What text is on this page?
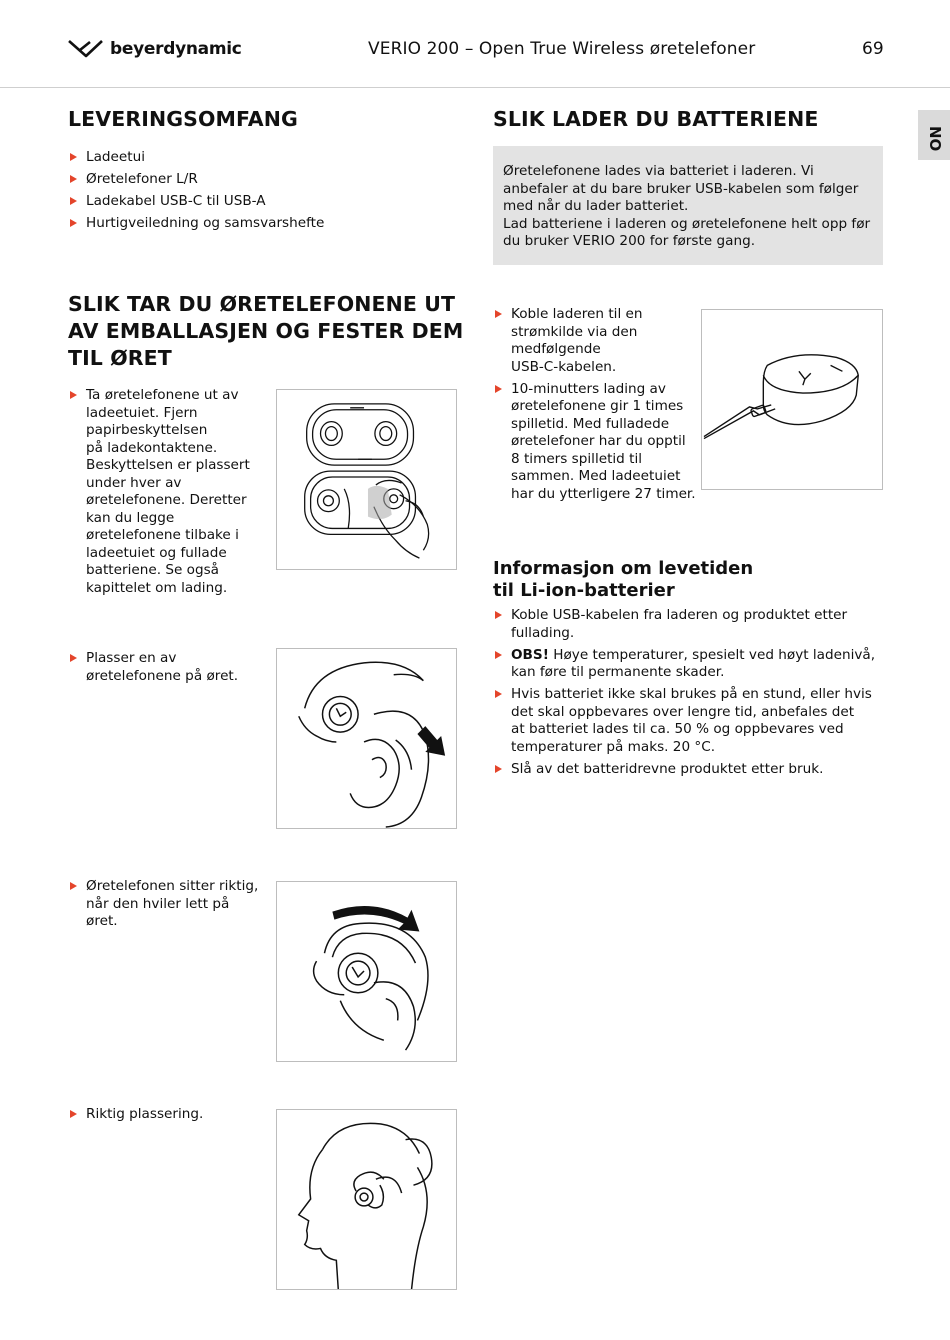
beyerdynamic	VERIO 200 – Open True Wireless øretelefoner	69
NO
LEVERINGSOMFANG
Ladeetui
Øretelefoner L/R
Ladekabel USB-C til USB-A
Hurtigveiledning og samsvarshefte
SLIK TAR DU ØRETELEFONENE UT
AV EMBALLASJEN OG FESTER DEM
TIL ØRET
Ta øretelefonene ut av
ladeetuiet. Fjern
papirbeskyttelsen
på ladekontaktene.
Beskyttelsen er plassert
under hver av
øretelefonene. Deretter
kan du legge
øretelefonene tilbake i
ladeetuiet og fullade
batteriene. Se også
kapittelet om lading.
Plasser en av
øretelefonene på øret.
Øretelefonen sitter riktig,
når den hviler lett på
øret.
Riktig plassering.
SLIK LADER DU BATTERIENE

Øretelefonene lades via batteriet i laderen. Vi

anbefaler at du bare bruker USB-kabelen som følger

med når du lader batteriet.

Lad batteriene i laderen og øretelefonene helt opp før

du bruker VERIO 200 for første gang.

Koble laderen til en
strømkilde via den
medfølgende
USB-C-kabelen.
10-minutters lading av
øretelefonene gir 1 times
spilletid. Med fulladede
øretelefoner har du opptil
8 timers spilletid til
sammen. Med ladeetuiet
har du ytterligere 27 timer.
Informasjon om levetiden
til Li-ion-batterier
Koble USB-kabelen fra laderen og produktet etter
fullading.
OBS! Høye temperaturer, spesielt ved høyt ladenivå,
kan føre til permanente skader.
Hvis batteriet ikke skal brukes på en stund, eller hvis
det skal oppbevares over lengre tid, anbefales det
at batteriet lades til ca. 50 % og oppbevares ved
temperaturer på maks. 20 °C.
Slå av det batteridrevne produktet etter bruk.
